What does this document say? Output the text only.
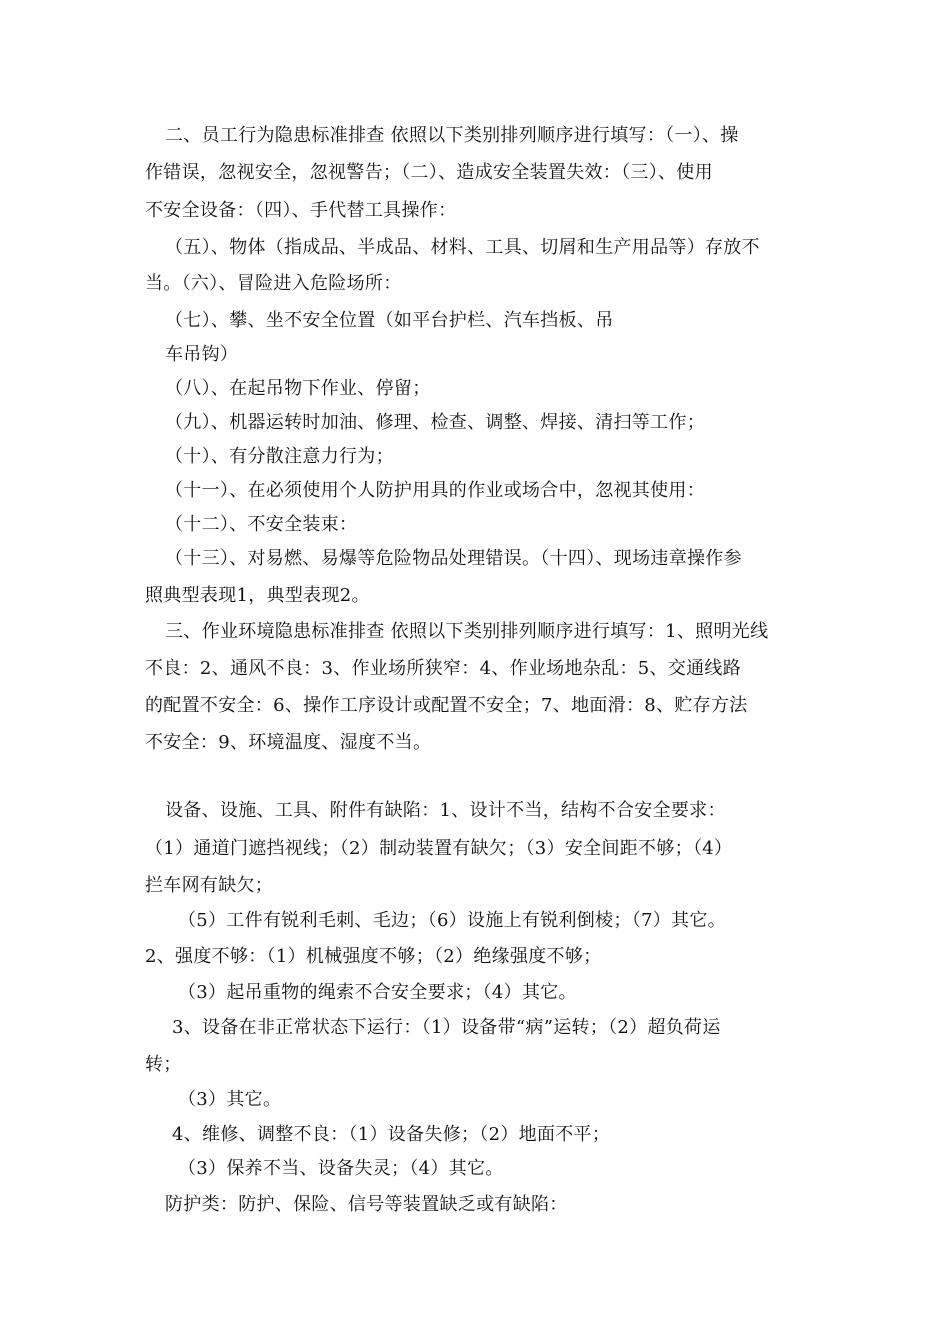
二、员工行为隐患标准排查 依照以下类别排列顺序进行填写：（一）、操
作错误，忽视安全，忽视警告；（二）、造成安全装置失效：（三）、使用
不安全设备：（四）、手代替工具操作：
（五）、物体（指成品、半成品、材料、工具、切屑和生产用品等）存放不
当。（六）、冒险进入危险场所：
（七）、攀、坐不安全位置（如平台护栏、汽车挡板、吊
车吊钩）
（八）、在起吊物下作业、停留；
（九）、机器运转时加油、修理、检查、调整、焊接、清扫等工作；
（十）、有分散注意力行为；
（十一）、在必须使用个人防护用具的作业或场合中，忽视其使用：
（十二）、不安全装束：
（十三）、对易燃、易爆等危险物品处理错误。（十四）、现场违章操作参
照典型表现1，典型表现2。
三、作业环境隐患标准排查 依照以下类别排列顺序进行填写：1、照明光线
不良：2、通风不良：3、作业场所狭窄：4、作业场地杂乱：5、交通线路
的配置不安全：6、操作工序设计或配置不安全；7、地面滑：8、贮存方法
不安全：9、环境温度、湿度不当。
设备、设施、工具、附件有缺陷：1、设计不当，结构不合安全要求：
（1）通道门遮挡视线；（2）制动装置有缺欠；（3）安全间距不够；（4）
拦车网有缺欠；
（5）工件有锐利毛刺、毛边；（6）设施上有锐利倒棱；（7）其它。
2、强度不够：（1）机械强度不够；（2）绝缘强度不够；
（3）起吊重物的绳索不合安全要求；（4）其它。
3、设备在非正常状态下运行：（1）设备带“病”运转；（2）超负荷运
转；
（3）其它。
4、维修、调整不良：（1）设备失修；（2）地面不平；
（3）保养不当、设备失灵；（4）其它。
防护类：防护、保险、信号等装置缺乏或有缺陷：
